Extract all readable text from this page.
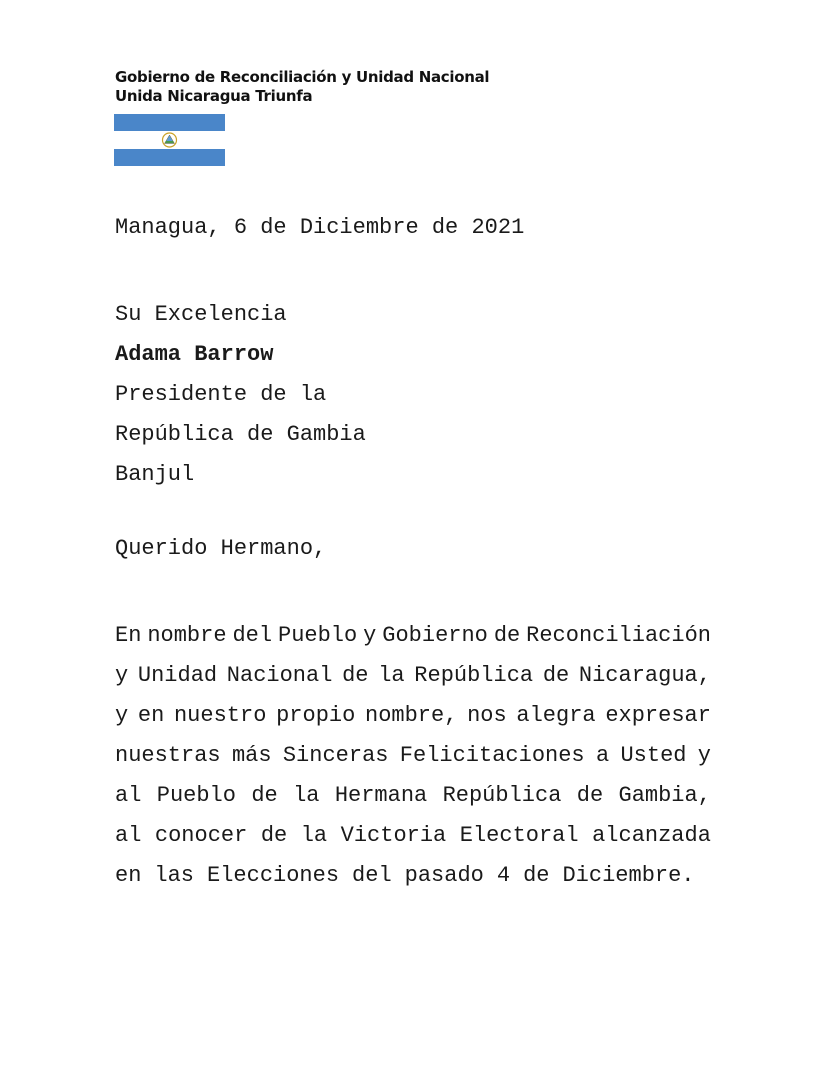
Gobierno de Reconciliación y Unidad Nacional
Unida Nicaragua Triunfa
Managua, 6 de Diciembre de 2021
Su Excelencia
Adama Barrow
Presidente de la
República de Gambia
Banjul
Querido Hermano,
En nombre del Pueblo y Gobierno de Reconciliación
y Unidad Nacional de la República de Nicaragua,
y en nuestro propio nombre, nos alegra expresar
nuestras más Sinceras Felicitaciones a Usted y
al Pueblo de la Hermana República de Gambia,
al conocer de la Victoria Electoral alcanzada
en las Elecciones del pasado 4 de Diciembre.
